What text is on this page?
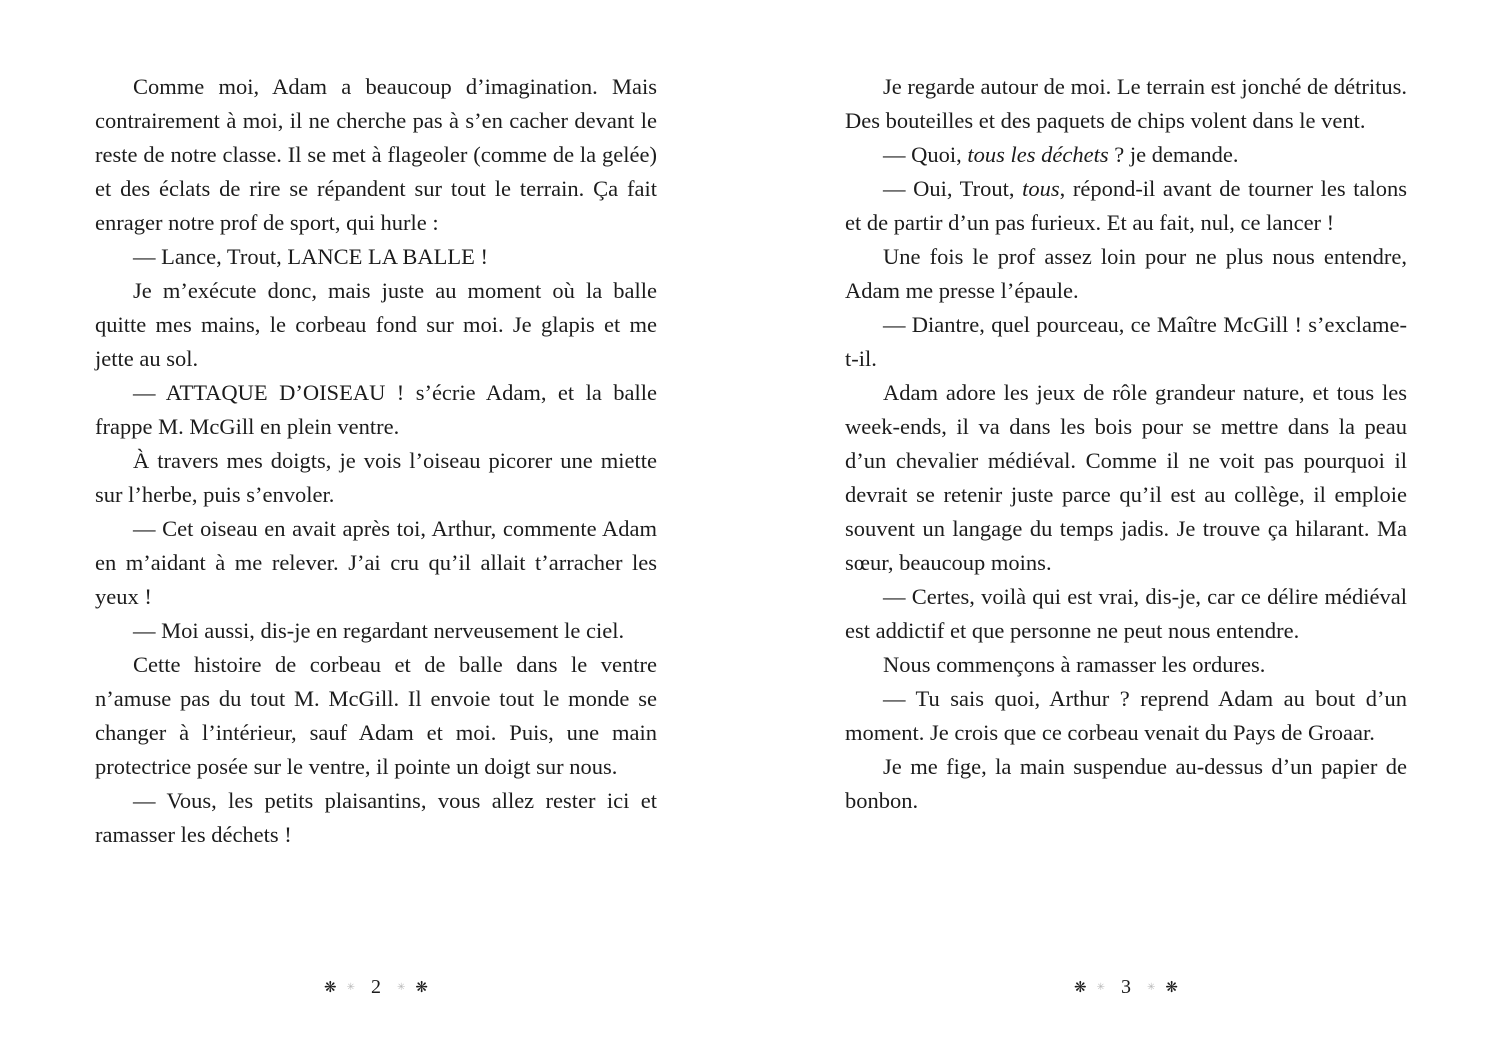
Comme moi, Adam a beaucoup d’imagination. Mais contrairement à moi, il ne cherche pas à s’en cacher devant le reste de notre classe. Il se met à flageoler (comme de la gelée) et des éclats de rire se répandent sur tout le terrain. Ça fait enrager notre prof de sport, qui hurle :

— Lance, Trout, LANCE LA BALLE !

Je m’exécute donc, mais juste au moment où la balle quitte mes mains, le corbeau fond sur moi. Je glapis et me jette au sol.

— ATTAQUE D’OISEAU ! s’écrie Adam, et la balle frappe M. McGill en plein ventre.

À travers mes doigts, je vois l’oiseau picorer une miette sur l’herbe, puis s’envoler.

— Cet oiseau en avait après toi, Arthur, commente Adam en m’aidant à me relever. J’ai cru qu’il allait t’arracher les yeux !

— Moi aussi, dis-je en regardant nerveusement le ciel.

Cette histoire de corbeau et de balle dans le ventre n’amuse pas du tout M. McGill. Il envoie tout le monde se changer à l’intérieur, sauf Adam et moi. Puis, une main protectrice posée sur le ventre, il pointe un doigt sur nous.

— Vous, les petits plaisantins, vous allez rester ici et ramasser les déchets !

❋ ✳ 2 ✳ ❋

Je regarde autour de moi. Le terrain est jonché de détritus. Des bouteilles et des paquets de chips volent dans le vent.

— Quoi, tous les déchets ? je demande.

— Oui, Trout, tous, répond-il avant de tourner les talons et de partir d’un pas furieux. Et au fait, nul, ce lancer !

Une fois le prof assez loin pour ne plus nous entendre, Adam me presse l’épaule.

— Diantre, quel pourceau, ce Maître McGill ! s’exclame-t-il.

Adam adore les jeux de rôle grandeur nature, et tous les week-ends, il va dans les bois pour se mettre dans la peau d’un chevalier médiéval. Comme il ne voit pas pourquoi il devrait se retenir juste parce qu’il est au collège, il emploie souvent un langage du temps jadis. Je trouve ça hilarant. Ma sœur, beaucoup moins.

— Certes, voilà qui est vrai, dis-je, car ce délire médiéval est addictif et que personne ne peut nous entendre.

Nous commençons à ramasser les ordures.

— Tu sais quoi, Arthur ? reprend Adam au bout d’un moment. Je crois que ce corbeau venait du Pays de Groaar.

Je me fige, la main suspendue au-dessus d’un papier de bonbon.

❋ ✳ 3 ✳ ❋
